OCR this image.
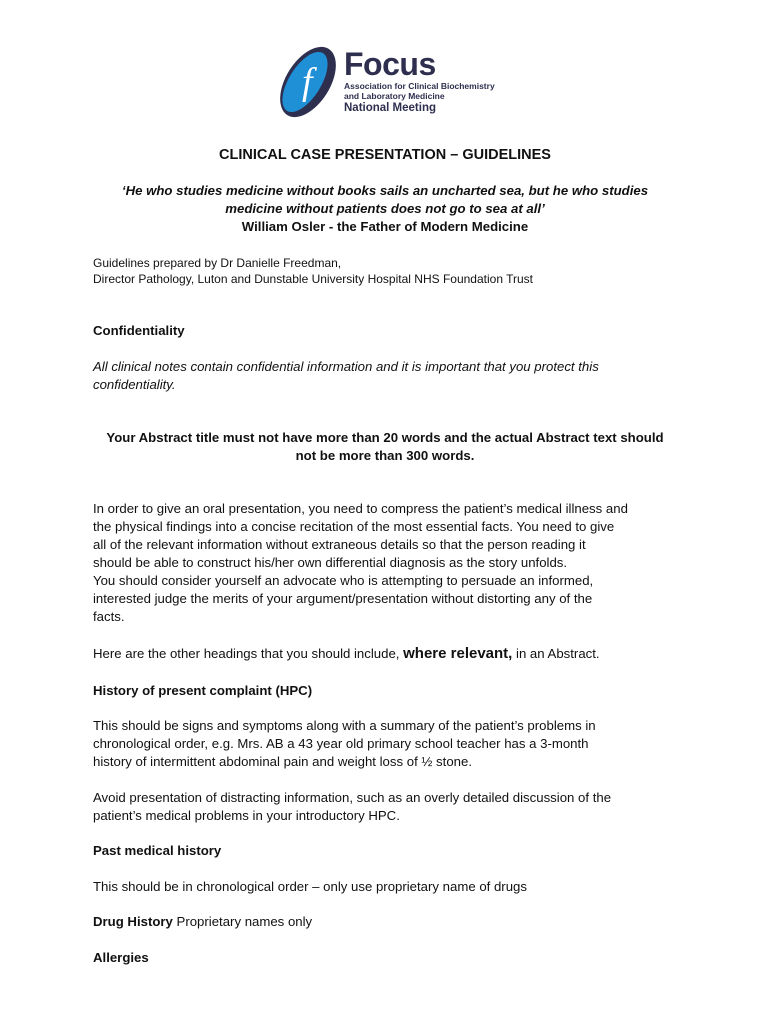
f Focus
Association for Clinical Biochemistry
and Laboratory Medicine
National Meeting
CLINICAL CASE PRESENTATION – GUIDELINES
‘He who studies medicine without books sails an uncharted sea, but he who studies
medicine without patients does not go to sea at all’
William Osler - the Father of Modern Medicine
Guidelines prepared by Dr Danielle Freedman,
Director Pathology, Luton and Dunstable University Hospital NHS Foundation Trust
Confidentiality
All clinical notes contain confidential information and it is important that you protect this
confidentiality.
Your Abstract title must not have more than 20 words and the actual Abstract text should
not be more than 300 words.
In order to give an oral presentation, you need to compress the patient’s medical illness and
the physical findings into a concise recitation of the most essential facts. You need to give
all of the relevant information without extraneous details so that the person reading it
should be able to construct his/her own differential diagnosis as the story unfolds.
You should consider yourself an advocate who is attempting to persuade an informed,
interested judge the merits of your argument/presentation without distorting any of the
facts.
Here are the other headings that you should include, where relevant, in an Abstract.
History of present complaint (HPC)
This should be signs and symptoms along with a summary of the patient’s problems in
chronological order, e.g. Mrs. AB a 43 year old primary school teacher has a 3-month
history of intermittent abdominal pain and weight loss of ½ stone.
Avoid presentation of distracting information, such as an overly detailed discussion of the
patient’s medical problems in your introductory HPC.
Past medical history
This should be in chronological order – only use proprietary name of drugs
Drug History Proprietary names only
Allergies
